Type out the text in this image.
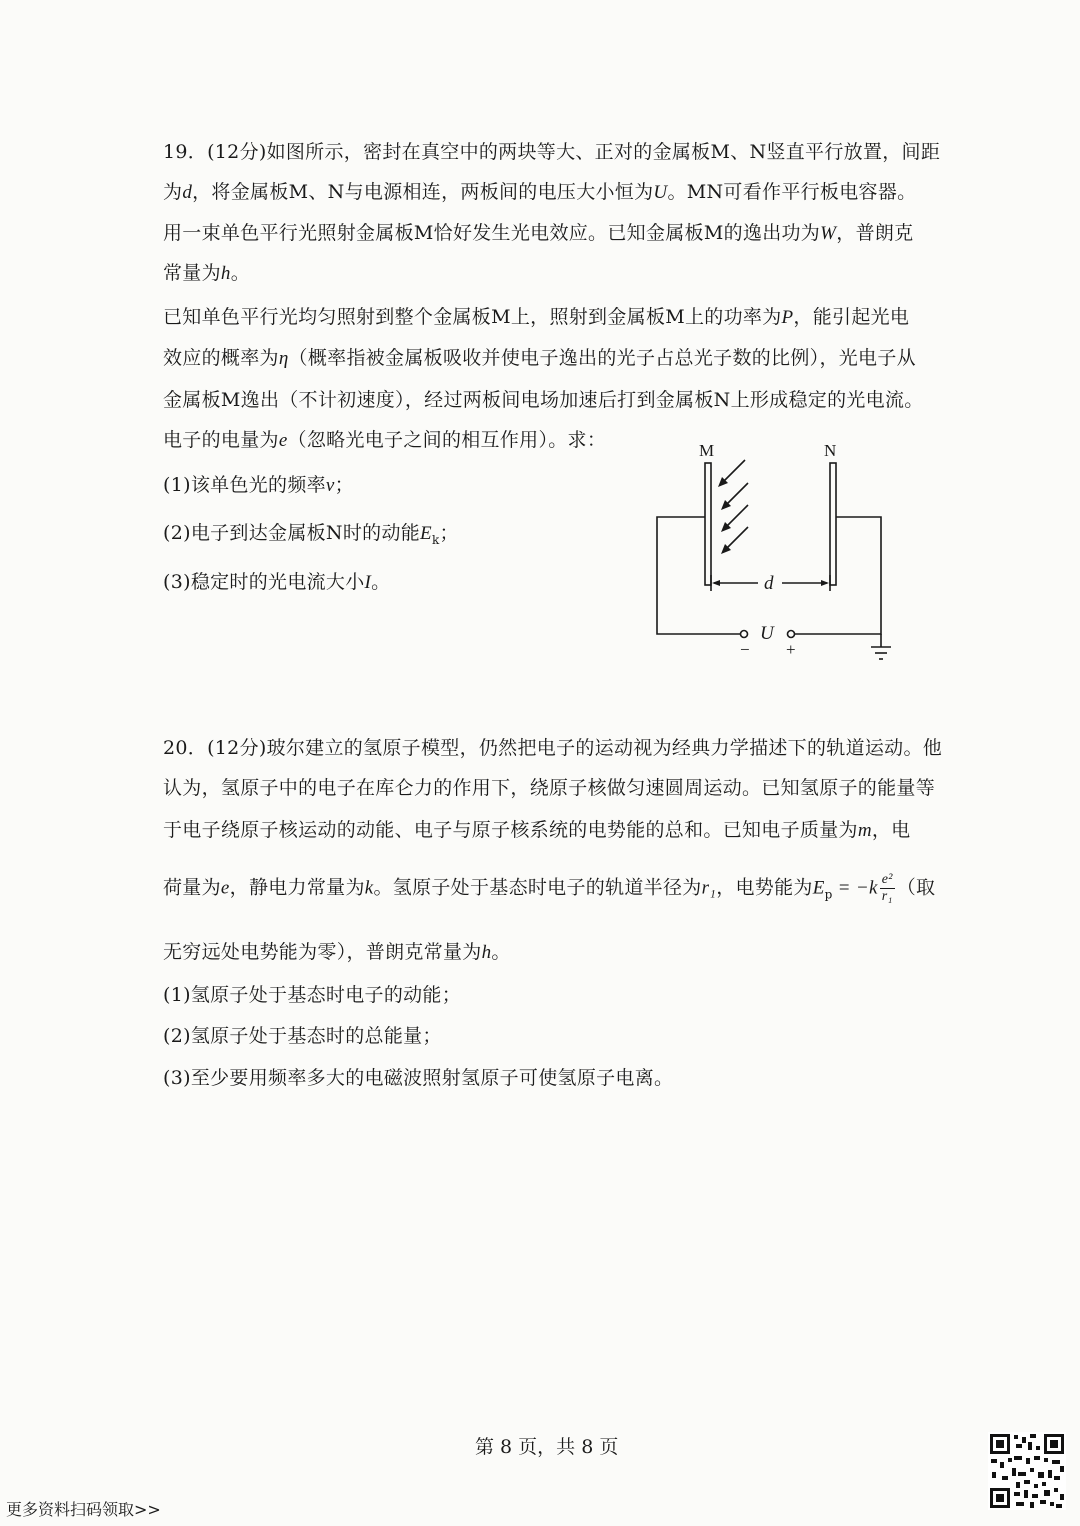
19．(12分)如图所示，密封在真空中的两块等大、正对的金属板M、N竖直平行放置，间距
为d，将金属板M、N与电源相连，两板间的电压大小恒为U。MN可看作平行板电容器。
用一束单色平行光照射金属板M恰好发生光电效应。已知金属板M的逸出功为W，普朗克
常量为h。
已知单色平行光均匀照射到整个金属板M上，照射到金属板M上的功率为P，能引起光电
效应的概率为η（概率指被金属板吸收并使电子逸出的光子占总光子数的比例），光电子从
金属板M逸出（不计初速度），经过两板间电场加速后打到金属板N上形成稳定的光电流。
电子的电量为e（忽略光电子之间的相互作用）。求：
(1)该单色光的频率ν；
(2)电子到达金属板N时的动能$E_k$；
(3)稳定时的光电流大小I。
M	N
d
U
− +
20．(12分)玻尔建立的氢原子模型，仍然把电子的运动视为经典力学描述下的轨道运动。他
认为，氢原子中的电子在库仑力的作用下，绕原子核做匀速圆周运动。已知氢原子的能量等
于电子绕原子核运动的动能、电子与原子核系统的电势能的总和。已知电子质量为m，电
荷量为e，静电力常量为k。氢原子处于基态时电子的轨道半径为r₁，电势能为$E_p = -k \frac{\text{e²}}{\text{r₁}}$ （取
无穷远处电势能为零），普朗克常量为h。
(1)氢原子处于基态时电子的动能；
(2)氢原子处于基态时的总能量；
(3)至少要用频率多大的电磁波照射氢原子可使氢原子电离。
第 8 页，共 8 页
更多资料扫码领取>>
